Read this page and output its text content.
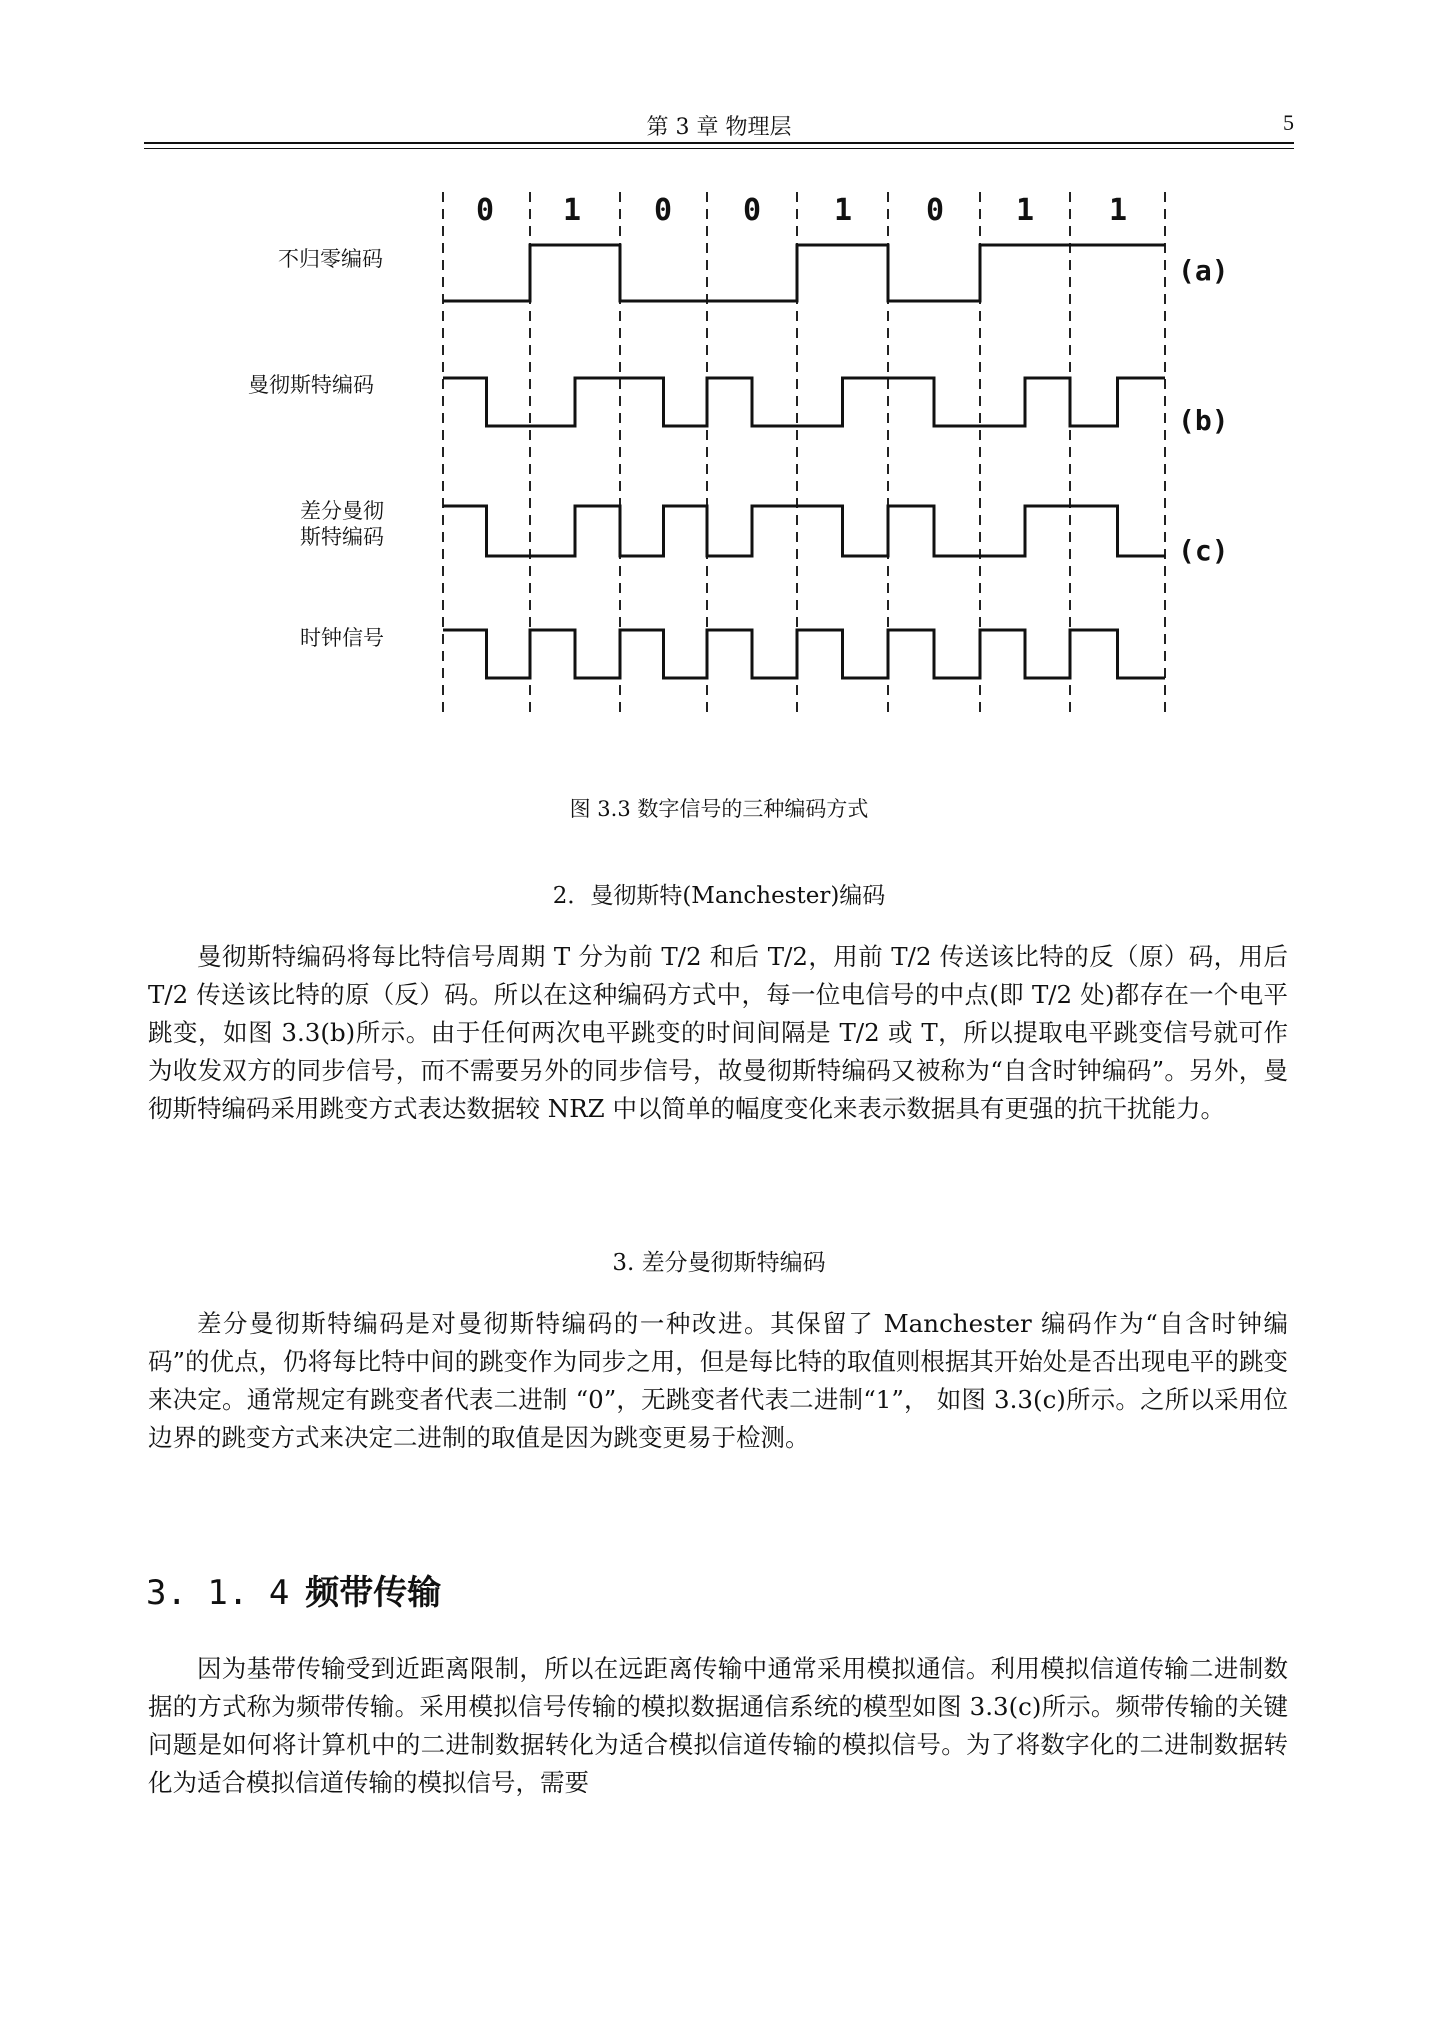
第 3 章 物理层	5
0 1 0 0 1 0 1 1
不归零编码
曼彻斯特编码
差分曼彻
斯特编码
时钟信号
(a)
(b)
(c)
图 3.3 数字信号的三种编码方式
2．曼彻斯特(Manchester)编码

曼彻斯特编码将每比特信号周期 T 分为前 T/2 和后 T/2，用前 T/2 传送该比特的反（原）码，用后 T/2 传送该比特的原（反）码。所以在这种编码方式中，每一位电信号的中点(即 T/2 处)都存在一个电平跳变，如图 3.3(b)所示。由于任何两次电平跳变的时间间隔是 T/2 或 T，所以提取电平跳变信号就可作为收发双方的同步信号，而不需要另外的同步信号，故曼彻斯特编码又被称为“自含时钟编码”。另外，曼彻斯特编码采用跳变方式表达数据较 NRZ 中以简单的幅度变化来表示数据具有更强的抗干扰能力。

3. 差分曼彻斯特编码

差分曼彻斯特编码是对曼彻斯特编码的一种改进。其保留了 Manchester 编码作为“自含时钟编码”的优点，仍将每比特中间的跳变作为同步之用，但是每比特的取值则根据其开始处是否出现电平的跳变来决定。通常规定有跳变者代表二进制 “0”，无跳变者代表二进制“1”， 如图 3.3(c)所示。之所以采用位边界的跳变方式来决定二进制的取值是因为跳变更易于检测。

3. 1. 4 频带传输

因为基带传输受到近距离限制，所以在远距离传输中通常采用模拟通信。利用模拟信道传输二进制数据的方式称为频带传输。采用模拟信号传输的模拟数据通信系统的模型如图 3.3(c)所示。频带传输的关键问题是如何将计算机中的二进制数据转化为适合模拟信道传输的模拟信号。为了将数字化的二进制数据转化为适合模拟信道传输的模拟信号，需要
